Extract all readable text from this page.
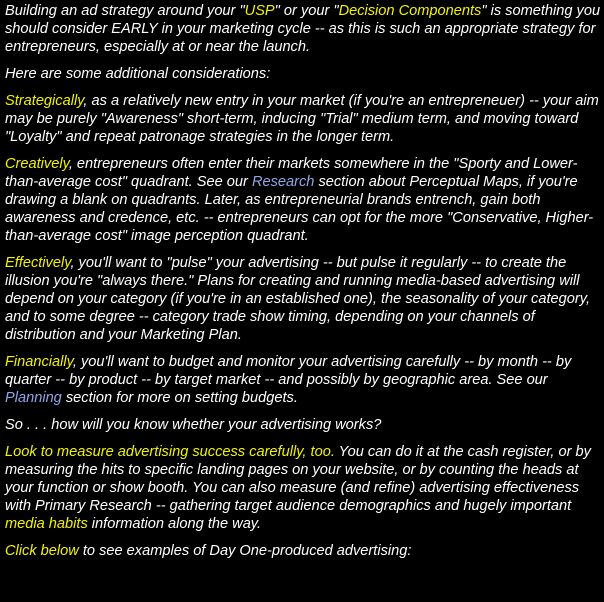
Building an ad strategy around your "USP" or your "Decision Components" is something you should consider EARLY in your marketing cycle -- as this is such an appropriate strategy for entrepreneurs, especially at or near the launch.

Here are some additional considerations:

Strategically, as a relatively new entry in your market (if you're an entrepreneuer) -- your aim may be purely "Awareness" short-term, inducing "Trial" medium term, and moving toward "Loyalty" and repeat patronage strategies in the longer term.

Creatively, entrepreneurs often enter their markets somewhere in the "Sporty and Lower-than-average cost" quadrant. See our Research section about Perceptual Maps, if you're drawing a blank on quadrants. Later, as entrepreneurial brands entrench, gain both awareness and credence, etc. -- entrepreneurs can opt for the more "Conservative, Higher-than-average cost" image perception quadrant.

Effectively, you'll want to "pulse" your advertising -- but pulse it regularly -- to create the illusion you're "always there." Plans for creating and running media-based advertising will depend on your category (if you're in an established one), the seasonality of your category, and to some degree -- category trade show timing, depending on your channels of distribution and your Marketing Plan.

Financially, you'll want to budget and monitor your advertising carefully -- by month -- by quarter -- by product -- by target market -- and possibly by geographic area. See our Planning section for more on setting budgets.

So . . . how will you know whether your advertising works?

Look to measure advertising success carefully, too. You can do it at the cash register, or by measuring the hits to specific landing pages on your website, or by counting the heads at your function or show booth. You can also measure (and refine) advertising effectiveness with Primary Research -- gathering target audience demographics and hugely important media habits information along the way.

Click below to see examples of Day One-produced advertising:
